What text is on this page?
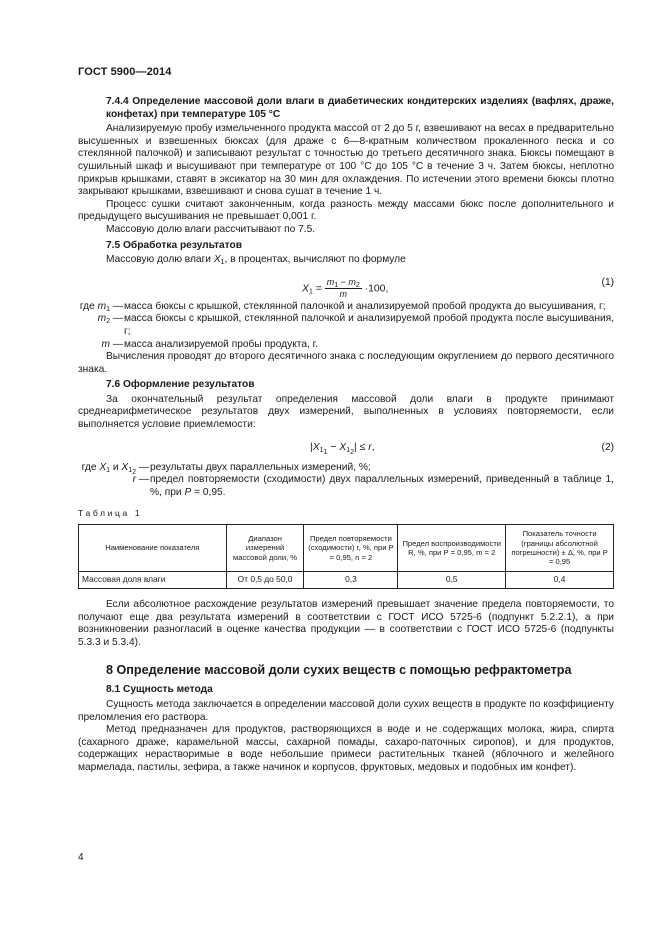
ГОСТ 5900—2014

7.4.4 Определение массовой доли влаги в диабетических кондитерских изделиях (вафлях, драже, конфетах) при температуре 105 °С

Анализируемую пробу измельченного продукта массой от 2 до 5 г, взвешивают на весах в предварительно высушенных и взвешенных бюксах (для драже с 6—8-кратным количеством прокаленного песка и со стеклянной палочкой) и записывают результат с точностью до третьего десятичного знака. Бюксы помещают в сушильный шкаф и высушивают при температуре от 100 °С до 105 °С в течение 3 ч. Затем бюксы, неплотно прикрыв крышками, ставят в эксикатор на 30 мин для охлаждения. По истечении этого времени бюксы плотно закрывают крышками, взвешивают и снова сушат в течение 1 ч.

Процесс сушки считают законченным, когда разность между массами бюкс после дополнительного и предыдущего высушивания не превышает 0,001 г.

Массовую долю влаги рассчитывают по 7.5.

7.5 Обработка результатов

Массовую долю влаги $X_1$, в процентах, вычисляют по формуле

$X_1 = \frac{m_1 - m_2}{m} \cdot 100$,
(1)
где $m_1$ — масса бюксы с крышкой, стеклянной палочкой и анализируемой пробой продукта до высушивания, г;
$m_2$ — масса бюксы с крышкой, стеклянной палочкой и анализируемой пробой продукта после высушивания, г;
m — масса анализируемой пробы продукта, г.

Вычисления проводят до второго десятичного знака с последующим округлением до первого десятичного знака.

7.6 Оформление результатов

За окончательный результат определения массовой доли влаги в продукте принимают среднеарифметическое результатов двух измерений, выполненных в условиях повторяемости, если выполняется условие приемлемости:

$|X_{1_1} - X_{1_2}| \le r$,	(2)
где $X_1$ и $X_{1_2}$ — результаты двух параллельных измерений, %;
r — предел повторяемости (сходимости) двух параллельных измерений, приведенный в таблице 1, %, при P = 0,95.
Таблица 1
Наименование показателя	Диапазон измерений массовой доли, %	Предел повторяемости (сходимости) r, %, при P = 0,95, n = 2	Предел воспроизводимости R, %, при P = 0,95, m = 2	Показатель точности (границы абсолютной погрешности) ± Δ, %, при P = 0,95
Массовая доля влаги	От 0,5 до 50,0	0,3	0,5	0,4

Если абсолютное расхождение результатов измерений превышает значение предела повторяемости, то получают еще два результата измерений в соответствии с ГОСТ ИСО 5725-6 (подпункт 5.2.2.1), а при возникновении разногласий в оценке качества продукции — в соответствии с ГОСТ ИСО 5725-6 (подпункты 5.3.3 и 5.3.4).

8 Определение массовой доли сухих веществ с помощью рефрактометра

8.1 Сущность метода

Сущность метода заключается в определении массовой доли сухих веществ в продукте по коэффициенту преломления его раствора.

Метод предназначен для продуктов, растворяющихся в воде и не содержащих молока, жира, спирта (сахарного драже, карамельной массы, сахарной помады, сахаро-паточных сиропов), и для продуктов, содержащих нерастворимые в воде небольшие примеси растительных тканей (яблочного и желейного мармелада, пастилы, зефира, а также начинок и корпусов, фруктовых, медовых и подобных им конфет).

4
